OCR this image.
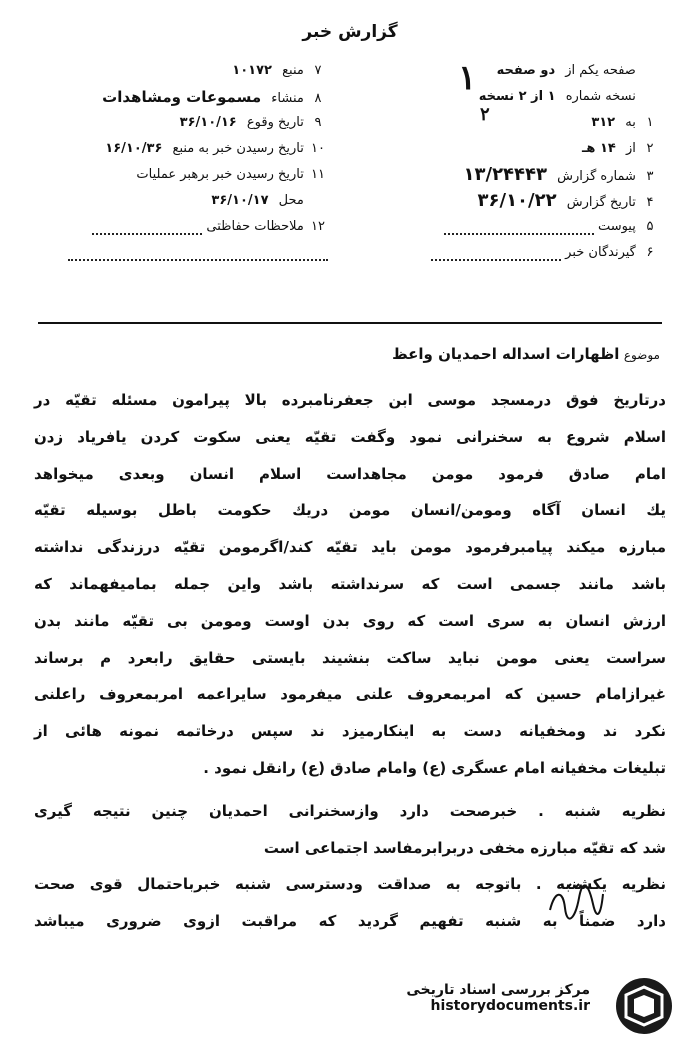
گزارش خبر
صفحه یکم از دو صفحه
نسخه شماره ۱ از ۲ نسخه
۱ به ۳۱۲
۲ از ۱۴ هـ
۳ شماره گزارش ۱۳/۲۴۴۴۳
۴ تاریخ گزارش ۳۶/۱۰/۲۲
۵ پیوست
۶ گیرندگان خبر
۷ منبع ۱۰۱۷۲
۸ منشاء مسموعات ومشاهدات
۹ تاریخ وقوع ۳۶/۱۰/۱۶
۱۰ تاریخ رسیدن خبر به منبع ۱۶/۱۰/۳۶
۱۱ تاریخ رسیدن خبر برهبر عملیات
محل ۳۶/۱۰/۱۷
۱۲ ملاحظات حفاظتی
۱
۲
موضوع اظهارات اسداله احمدیان واعظ

درتاریخ فوق درمسجد موسی ابن جعفرنامبرده بالا پیرامون مسئله تقیّه در

اسلام شروع به سخنرانی نمود وگفت تقیّه یعنی سکوت کردن یافریاد زدن

امام صادق فرمود مومن مجاهداست اسلام انسان وبعدی میخواهد

یك انسان آگاه ومومن/انسان مومن دریك حکومت باطل بوسیله تقیّه

مبارزه میکند پیامبرفرمود مومن باید تقیّه کند/اگرمومن تقیّه درزندگی نداشته

باشد مانند جسمی است که سرنداشته باشد واین جمله بمامیفهماند که

ارزش انسان به سری است که روی بدن اوست ومومن بی تقیّه مانند بدن

سراست یعنی مومن نباید ساکت بنشیند بایستی حقایق رابعرد م برساند

غیرازامام حسین که امربمعروف علنی میفرمود سایراعمه امربمعروف راعلنی

نکرد ند ومخفیانه دست به اینکارمیزد ند سپس درخاتمه نمونه هائی از

تبلیغات مخفیانه امام عسگری (ع) وامام صادق (ع) رانقل نمود .

نظریه شنبه . خبرصحت دارد وازسخنرانی احمدیان چنین نتیجه گیری

شد که تقیّه مبارزه مخفی دربرابرمفاسد اجتماعی است

نظریه یکشنبه . باتوجه به صداقت ودسترسی شنبه خبرباحتمال قوی صحت

دارد ضمناً به شنبه تفهیم گردید که مراقبت ازوی ضروری میباشد

مرکز بررسی اسناد تاریخی
historydocuments.ir
